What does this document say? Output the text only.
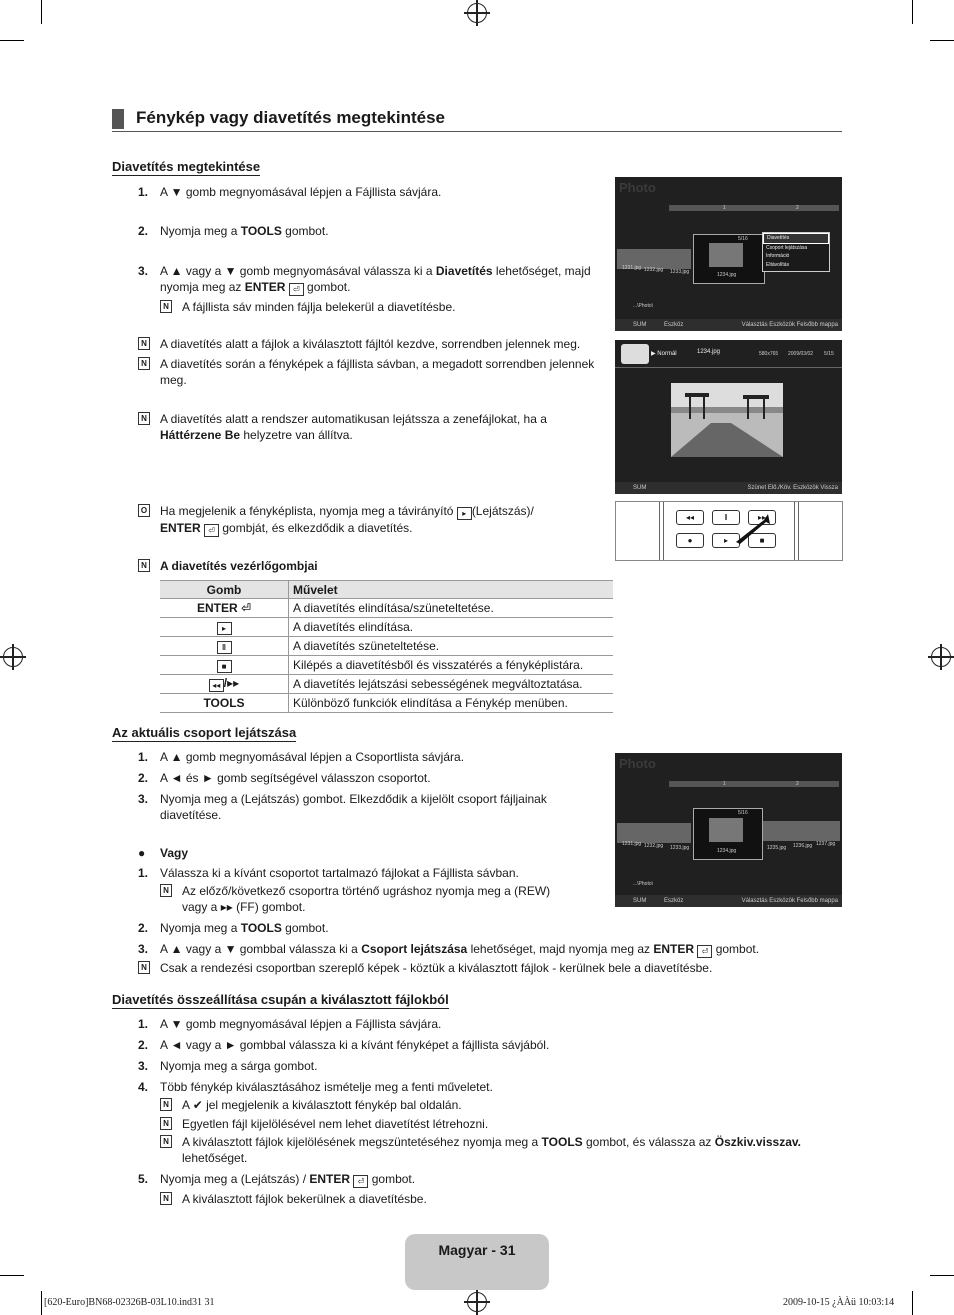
Fénykép vagy diavetítés megtekintése
Diavetítés megtekintése
1. A ▼ gomb megnyomásával lépjen a Fájllista sávjára.
2. Nyomja meg a TOOLS gombot.
3. A ▲ vagy a ▼ gomb megnyomásával válassza ki a Diavetítés lehetőséget, majd nyomja meg az ENTER ⏎ gombot.
N A fájllista sáv minden fájlja belekerül a diavetítésbe.
N A diavetítés alatt a fájlok a kiválasztott fájltól kezdve, sorrendben jelennek meg.
N A diavetítés során a fényképek a fájllista sávban, a megadott sorrendben jelennek meg.
N A diavetítés alatt a rendszer automatikusan lejátssza a zenefájlokat, ha a
Háttérzene Be helyzetre van állítva.
O Ha megjelenik a fényképlista, nyomja meg a távirányító ▸ (Lejátszás)/
ENTER ⏎ gombját, és elkezdődik a diavetítés.
N A diavetítés vezérlőgombjai
Gomb	Művelet
ENTER ⏎	A diavetítés elindítása/szüneteltetése.
▸	A diavetítés elindítása.
‖	A diavetítés szüneteltetése.
■	Kilépés a diavetítésből és visszatérés a fényképlistára.
◂◂ /▸▸	A diavetítés lejátszási sebességének megváltoztatása.
TOOLS	Különböző funkciók elindítása a Fénykép menüben.
Photo
1	2
1231.jpg 1232.jpg 1233.jpg
5/16
1234.jpg
Diavetítés
Csoport lejátszása
Információ
Eltávolítás
...\Photo\
SUM	Eszköz	Választás Eszközök Felsőbb mappa
▶ Normál	1234.jpg	580x765 2009/03/02 5/15
SUM	Szünet Elő./Köv. Eszközök Vissza
◂◂	‖	▸▸
●	▸	■
Az aktuális csoport lejátszása
1. A ▲ gomb megnyomásával lépjen a Csoportlista sávjára.
2. A ◄ és ► gomb segítségével válasszon csoportot.
3. Nyomja meg a (Lejátszás) gombot. Elkezdődik a kijelölt csoport fájljainak diavetítése.
● Vagy
1. Válassza ki a kívánt csoportot tartalmazó fájlokat a Fájllista sávban.
N Az előző/következő csoportra történő ugráshoz nyomja meg a (REW)
vagy a ▸▸ (FF) gombot.
2. Nyomja meg a TOOLS gombot.
3. A ▲ vagy a ▼ gombbal válassza ki a Csoport lejátszása lehetőséget, majd nyomja meg az ENTER ⏎ gombot.
N Csak a rendezési csoportban szereplő képek - köztük a kiválasztott fájlok - kerülnek bele a diavetítésbe.
Photo
1	2
1231.jpg 1232.jpg 1233.jpg	1235.jpg 1236.jpg 1237.jpg
5/16
1234.jpg
...\Photo\
SUM	Eszköz	Választás Eszközök Felsőbb mappa
Diavetítés összeállítása csupán a kiválasztott fájlokból
1. A ▼ gomb megnyomásával lépjen a Fájllista sávjára.
2. A ◄ vagy a ► gombbal válassza ki a kívánt fényképet a fájllista sávjából.
3. Nyomja meg a sárga gombot.
4. Több fénykép kiválasztásához ismételje meg a fenti műveletet.
N A ✔ jel megjelenik a kiválasztott fénykép bal oldalán.
N Egyetlen fájl kijelölésével nem lehet diavetítést létrehozni.
N A kiválasztott fájlok kijelölésének megszüntetéséhez nyomja meg a TOOLS gombot, és válassza az Öszkiv.visszav.
lehetőséget.
5. Nyomja meg a (Lejátszás) / ENTER ⏎ gombot.
N A kiválasztott fájlok bekerülnek a diavetítésbe.
Magyar - 31
[620-Euro]BN68-02326B-03L10.ind31 31	2009-10-15 ¿ÀÀü 10:03:14
